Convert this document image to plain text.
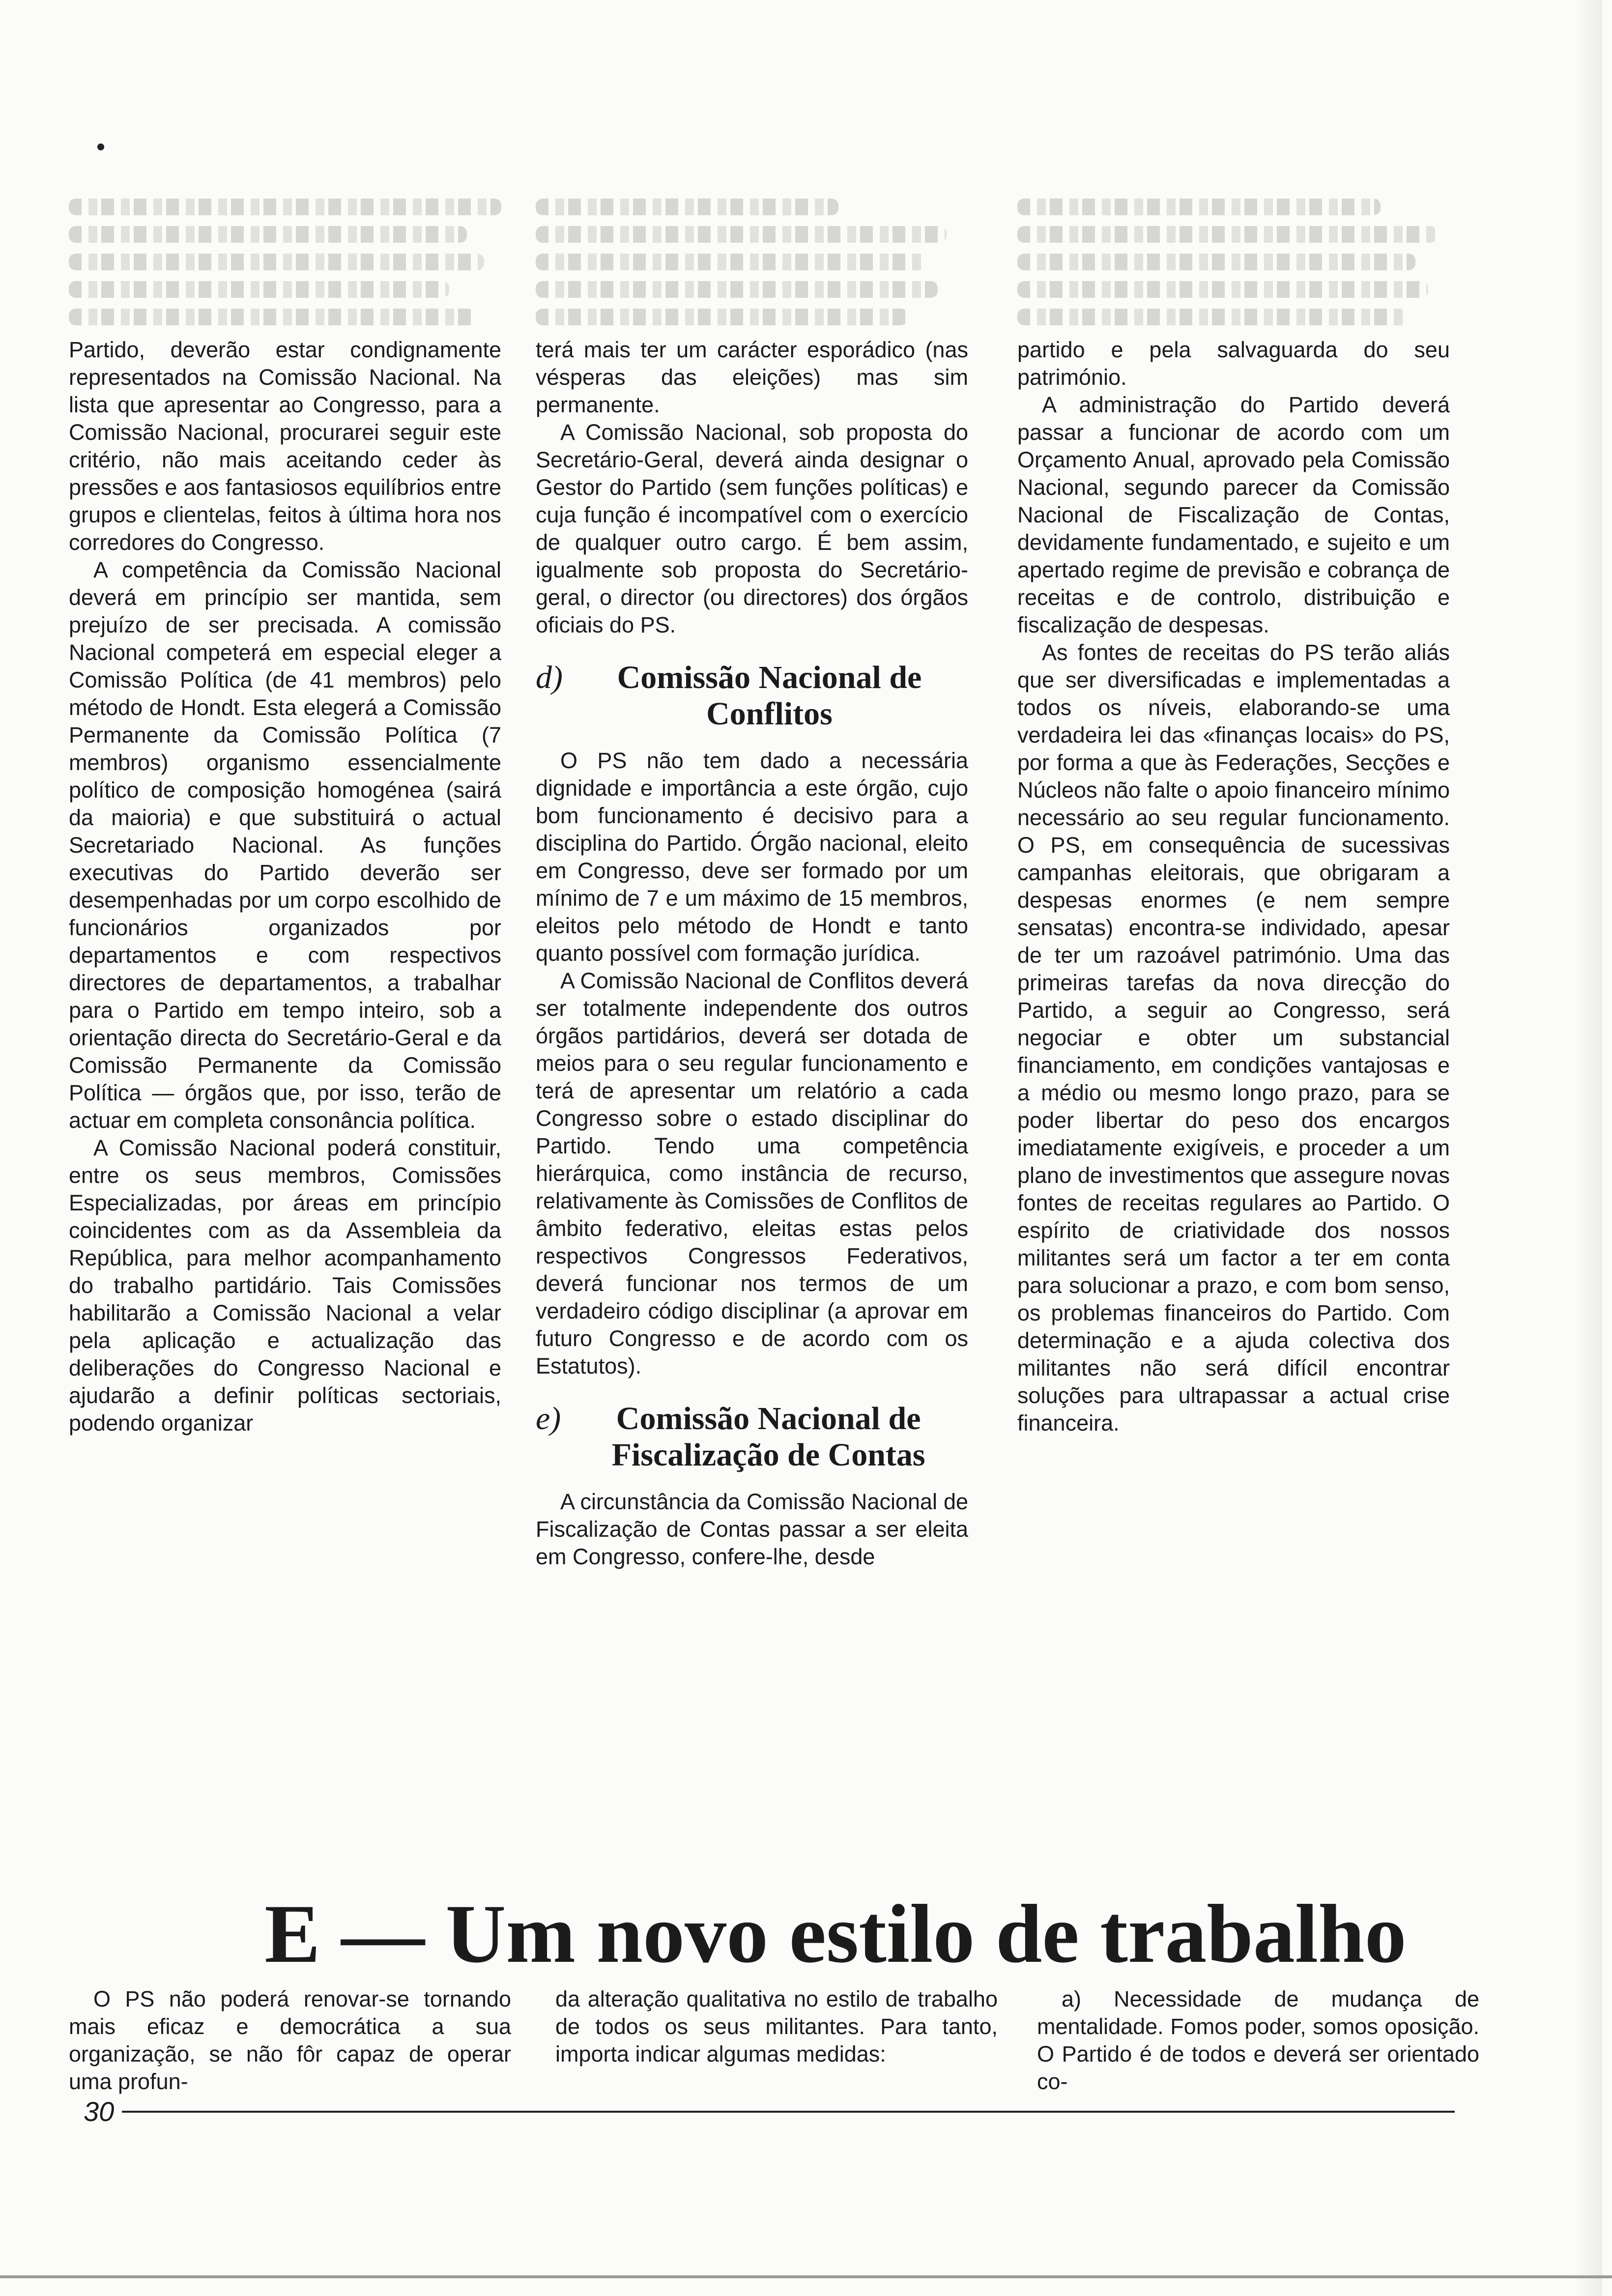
Partido, deverão estar condignamente representados na Comissão Nacional. Na lista que apresentar ao Congresso, para a Comissão Nacional, procurarei seguir este critério, não mais aceitando ceder às pressões e aos fantasiosos equilíbrios entre grupos e clientelas, feitos à última hora nos corredores do Congresso.

A competência da Comissão Nacional deverá em princípio ser mantida, sem prejuízo de ser precisada. A comissão Nacional competerá em especial eleger a Comissão Política (de 41 membros) pelo método de Hondt. Esta elegerá a Comissão Permanente da Comissão Política (7 membros) organismo essencialmente político de composição homogénea (sairá da maioria) e que substituirá o actual Secretariado Nacional. As funções executivas do Partido deverão ser desempenhadas por um corpo escolhido de funcionários organizados por departamentos e com respectivos directores de departamentos, a trabalhar para o Partido em tempo inteiro, sob a orientação directa do Secretário-Geral e da Comissão Permanente da Comissão Política — órgãos que, por isso, terão de actuar em completa consonância política.

A Comissão Nacional poderá constituir, entre os seus membros, Comissões Especializadas, por áreas em princípio coincidentes com as da Assembleia da República, para melhor acompanhamento do trabalho partidário. Tais Comissões habilitarão a Comissão Nacional a velar pela aplicação e actualização das deliberações do Congresso Nacional e ajudarão a definir políticas sectoriais, podendo organizar

terá mais ter um carácter esporádico (nas vésperas das eleições) mas sim permanente.

A Comissão Nacional, sob proposta do Secretário-Geral, deverá ainda designar o Gestor do Partido (sem funções políticas) e cuja função é incompatível com o exercício de qualquer outro cargo. É bem assim, igualmente sob proposta do Secretário-geral, o director (ou directores) dos órgãos oficiais do PS.

d)	Comissão Nacional de Conflitos

O PS não tem dado a necessária dignidade e importância a este órgão, cujo bom funcionamento é decisivo para a disciplina do Partido. Órgão nacional, eleito em Congresso, deve ser formado por um mínimo de 7 e um máximo de 15 membros, eleitos pelo método de Hondt e tanto quanto possível com formação jurídica.

A Comissão Nacional de Conflitos deverá ser totalmente independente dos outros órgãos partidários, deverá ser dotada de meios para o seu regular funcionamento e terá de apresentar um relatório a cada Congresso sobre o estado disciplinar do Partido. Tendo uma competência hierárquica, como instância de recurso, relativamente às Comissões de Conflitos de âmbito federativo, eleitas estas pelos respectivos Congressos Federativos, deverá funcionar nos termos de um verdadeiro código disciplinar (a aprovar em futuro Congresso e de acordo com os Estatutos).

e)	Comissão Nacional de Fiscalização de Contas

A circunstância da Comissão Nacional de Fiscalização de Contas passar a ser eleita em Congresso, confere-lhe, desde

partido e pela salvaguarda do seu património.

A administração do Partido deverá passar a funcionar de acordo com um Orçamento Anual, aprovado pela Comissão Nacional, segundo parecer da Comissão Nacional de Fiscalização de Contas, devidamente fundamentado, e sujeito e um apertado regime de previsão e cobrança de receitas e de controlo, distribuição e fiscalização de despesas.

As fontes de receitas do PS terão aliás que ser diversificadas e implementadas a todos os níveis, elaborando-se uma verdadeira lei das «finanças locais» do PS, por forma a que às Federações, Secções e Núcleos não falte o apoio financeiro mínimo necessário ao seu regular funcionamento. O PS, em consequência de sucessivas campanhas eleitorais, que obrigaram a despesas enormes (e nem sempre sensatas) encontra-se individado, apesar de ter um razoável património. Uma das primeiras tarefas da nova direcção do Partido, a seguir ao Congresso, será negociar e obter um substancial financiamento, em condições vantajosas e a médio ou mesmo longo prazo, para se poder libertar do peso dos encargos imediatamente exigíveis, e proceder a um plano de investimentos que assegure novas fontes de receitas regulares ao Partido. O espírito de criatividade dos nossos militantes será um factor a ter em conta para solucionar a prazo, e com bom senso, os problemas financeiros do Partido. Com determinação e a ajuda colectiva dos militantes não será difícil encontrar soluções para ultrapassar a actual crise financeira.

E — Um novo estilo de trabalho

O PS não poderá renovar-se tornando mais eficaz e democrática a sua organização, se não fôr capaz de operar uma profun-

da alteração qualitativa no estilo de trabalho de todos os seus militantes. Para tanto, importa indicar algumas medidas:

a) Necessidade de mudança de mentalidade. Fomos poder, somos oposição. O Partido é de todos e deverá ser orientado co-

30
